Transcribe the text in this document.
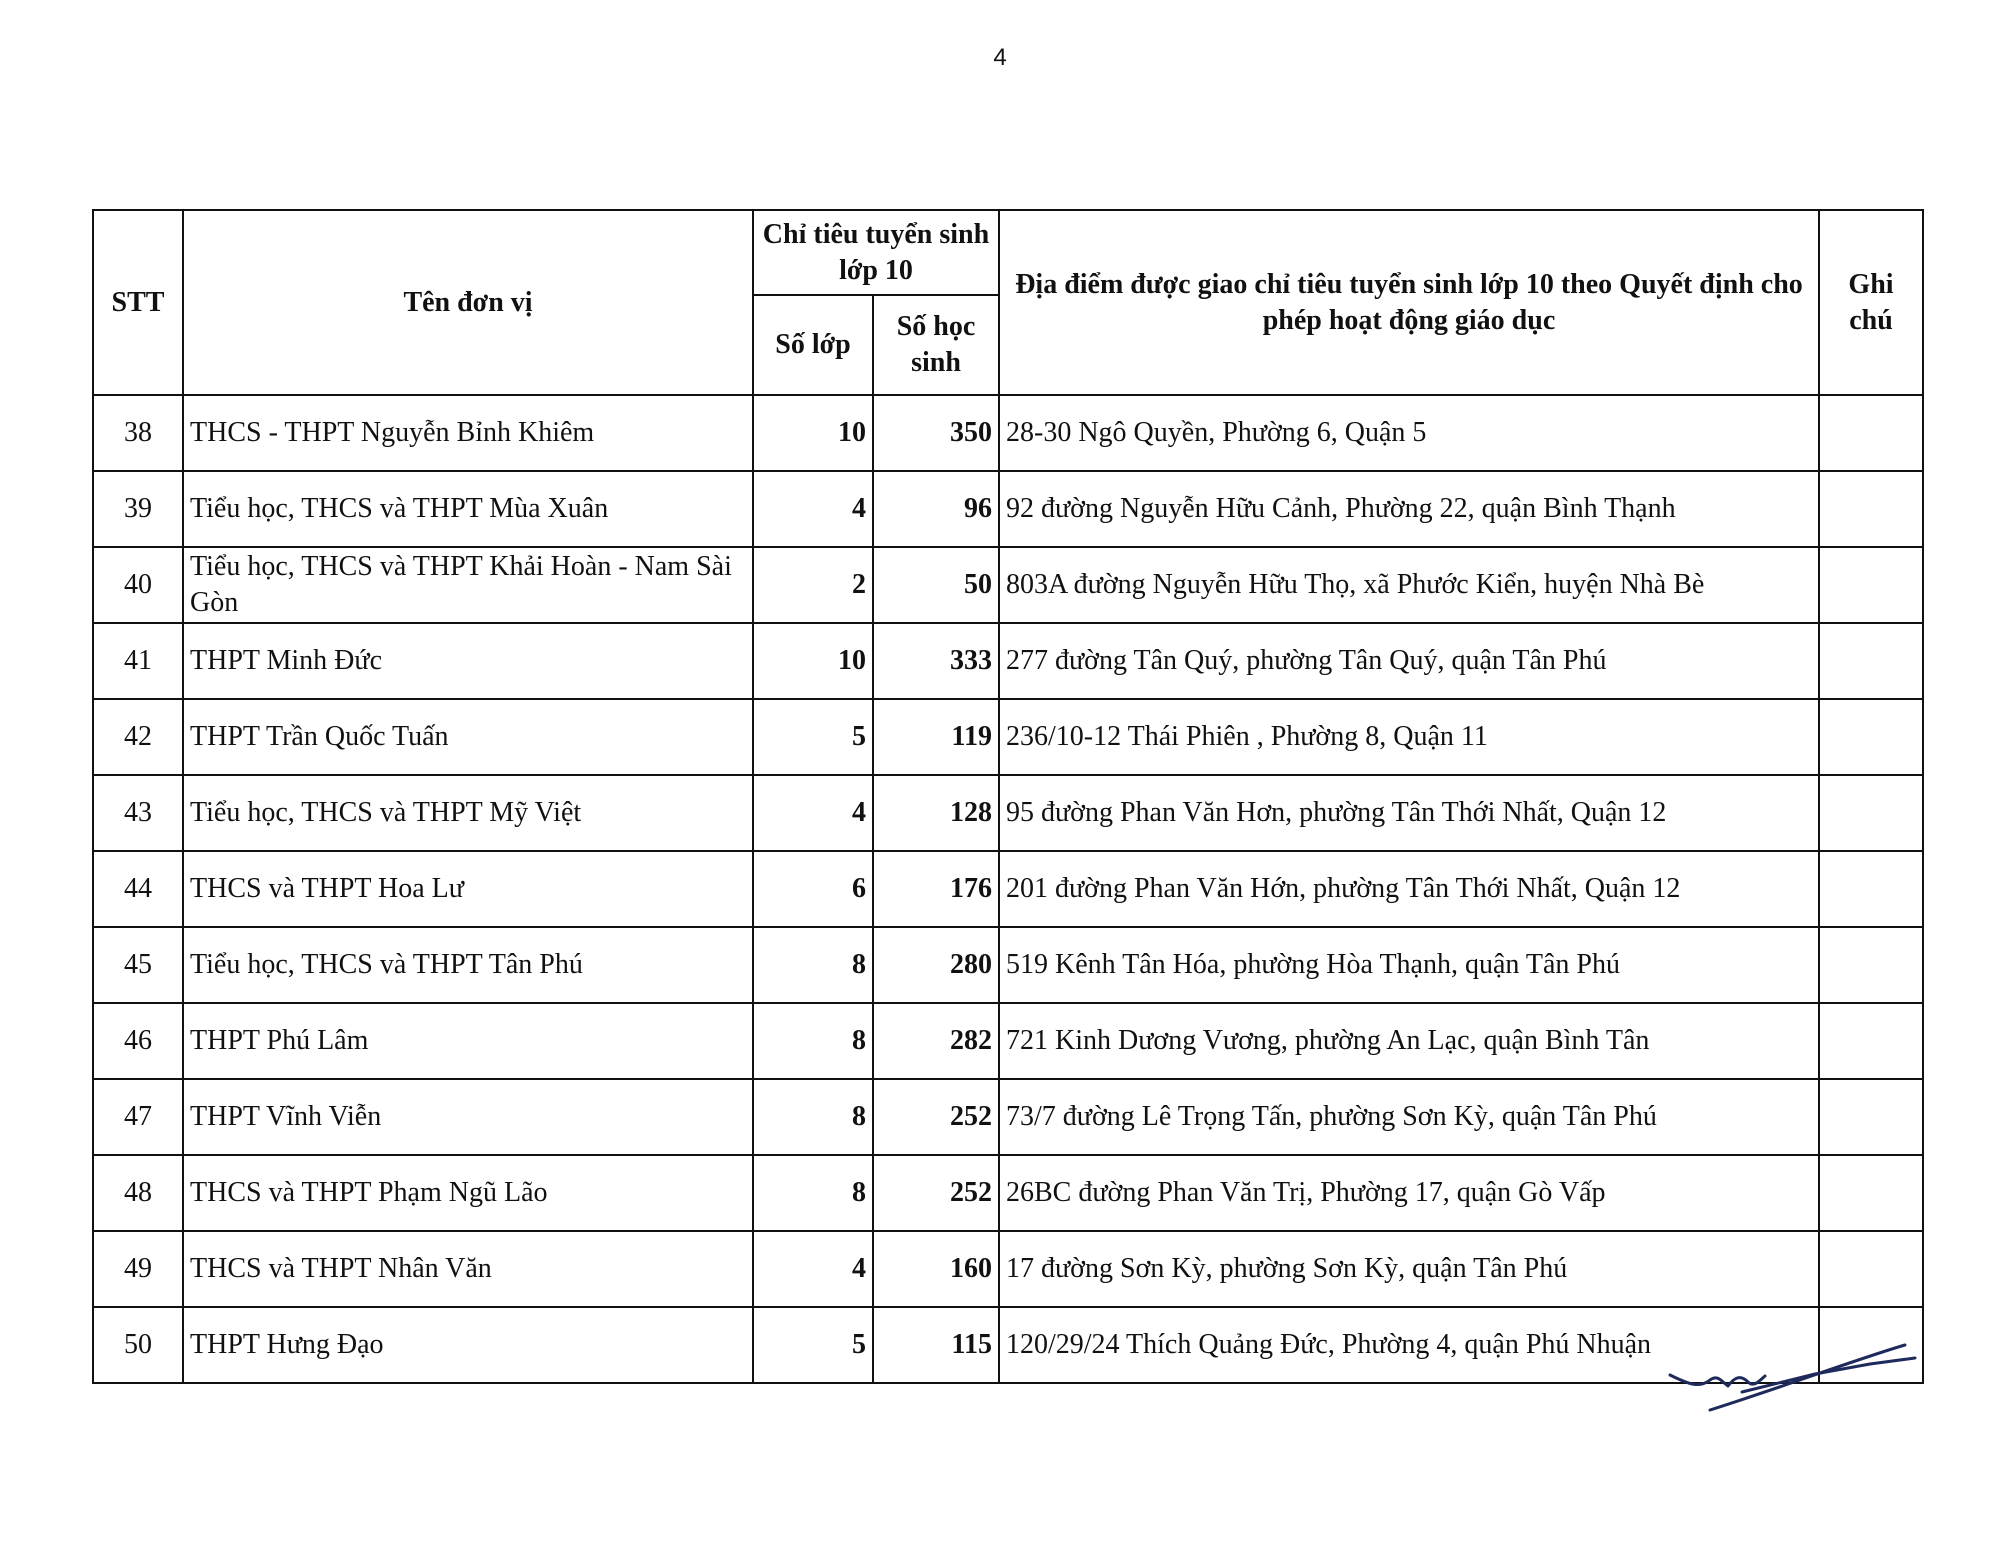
4
STT	Tên đơn vị	Chỉ tiêu tuyển sinh lớp 10		Địa điểm được giao chỉ tiêu tuyển sinh lớp 10 theo Quyết định cho phép hoạt động giáo dục	Ghi chú
		Số lớp	Số học sinh		
38	THCS - THPT Nguyễn Bỉnh Khiêm	10	350	28-30 Ngô Quyền, Phường 6, Quận 5	
39	Tiểu học, THCS và THPT Mùa Xuân	4	96	92 đường Nguyễn Hữu Cảnh, Phường 22, quận Bình Thạnh	
40	Tiểu học, THCS và THPT Khải Hoàn - Nam Sài Gòn	2	50	803A đường Nguyễn Hữu Thọ, xã Phước Kiển, huyện Nhà Bè	
41	THPT Minh Đức	10	333	277 đường Tân Quý, phường Tân Quý, quận Tân Phú	
42	THPT Trần Quốc Tuấn	5	119	236/10-12 Thái Phiên , Phường 8, Quận 11	
43	Tiểu học, THCS và THPT Mỹ Việt	4	128	95 đường Phan Văn Hơn, phường Tân Thới Nhất, Quận 12	
44	THCS và THPT Hoa Lư	6	176	201 đường Phan Văn Hớn, phường Tân Thới Nhất, Quận 12	
45	Tiểu học, THCS và THPT Tân Phú	8	280	519 Kênh Tân Hóa, phường Hòa Thạnh, quận Tân Phú	
46	THPT Phú Lâm	8	282	721 Kinh Dương Vương, phường An Lạc, quận Bình Tân	
47	THPT Vĩnh Viễn	8	252	73/7 đường Lê Trọng Tấn, phường Sơn Kỳ, quận Tân Phú	
48	THCS và THPT Phạm Ngũ Lão	8	252	26BC đường Phan Văn Trị, Phường 17, quận Gò Vấp	
49	THCS và THPT Nhân Văn	4	160	17 đường Sơn Kỳ, phường Sơn Kỳ, quận Tân Phú	
50	THPT Hưng Đạo	5	115	120/29/24 Thích Quảng Đức, Phường 4, quận Phú Nhuận	
